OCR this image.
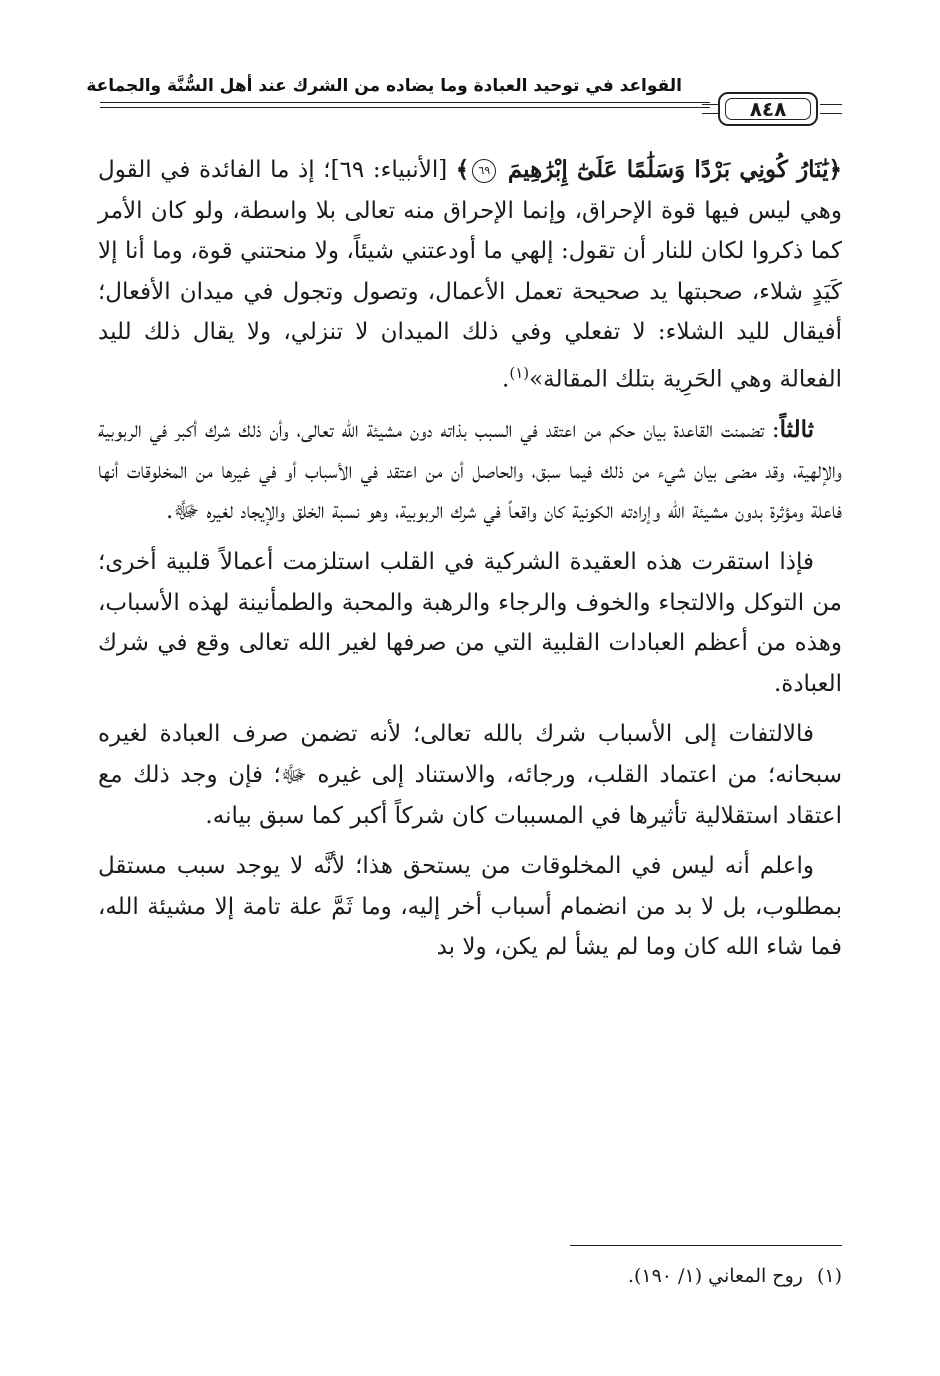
القواعد في توحيد العبادة وما يضاده من الشرك عند أهل السُّنَّة والجماعة
٨٤٨

﴿يَٰنَارُ كُونِي بَرْدًا وَسَلَٰمًا عَلَىٰٓ إِبْرَٰهِيمَ ٦٩﴾ [الأنبياء: ٦٩]؛ إذ ما الفائدة في القول وهي ليس فيها قوة الإحراق، وإنما الإحراق منه تعالى بلا واسطة، ولو كان الأمر كما ذكروا لكان للنار أن تقول: إلهي ما أودعتني شيئاً، ولا منحتني قوة، وما أنا إلا كَيَدٍ شلاء، صحبتها يد صحيحة تعمل الأعمال، وتصول وتجول في ميدان الأفعال؛ أفيقال لليد الشلاء: لا تفعلي وفي ذلك الميدان لا تنزلي، ولا يقال ذلك لليد الفعالة وهي الحَرِية بتلك المقالة»$^{(١)}$.

ثالثاً: تضمنت القاعدة بيان حكم من اعتقد في السبب بذاته دون مشيئة الله تعالى، وأن ذلك شرك أكبر في الربوبية والإلهية، وقد مضى بيان شيء من ذلك فيما سبق، والحاصل أن من اعتقد في الأسباب أو في غيرها من المخلوقات أنها فاعلة ومؤثرة بدون مشيئة الله وإرادته الكونية كان واقعاً في شرك الربوبية، وهو نسبة الخلق والإيجاد لغيره ﷻ.

فإذا استقرت هذه العقيدة الشركية في القلب استلزمت أعمالاً قلبية أخرى؛ من التوكل والالتجاء والخوف والرجاء والرهبة والمحبة والطمأنينة لهذه الأسباب، وهذه من أعظم العبادات القلبية التي من صرفها لغير الله تعالى وقع في شرك العبادة.

فالالتفات إلى الأسباب شرك بالله تعالى؛ لأنه تضمن صرف العبادة لغيره سبحانه؛ من اعتماد القلب، ورجائه، والاستناد إلى غيره ﷻ؛ فإن وجد ذلك مع اعتقاد استقلالية تأثيرها في المسببات كان شركاً أكبر كما سبق بيانه.

واعلم أنه ليس في المخلوقات من يستحق هذا؛ لأنَّه لا يوجد سبب مستقل بمطلوب، بل لا بد من انضمام أسباب أخر إليه، وما ثَمَّ علة تامة إلا مشيئة الله، فما شاء الله كان وما لم يشأ لم يكن، ولا بد

(١)روح المعاني (١/ ١٩٠).
